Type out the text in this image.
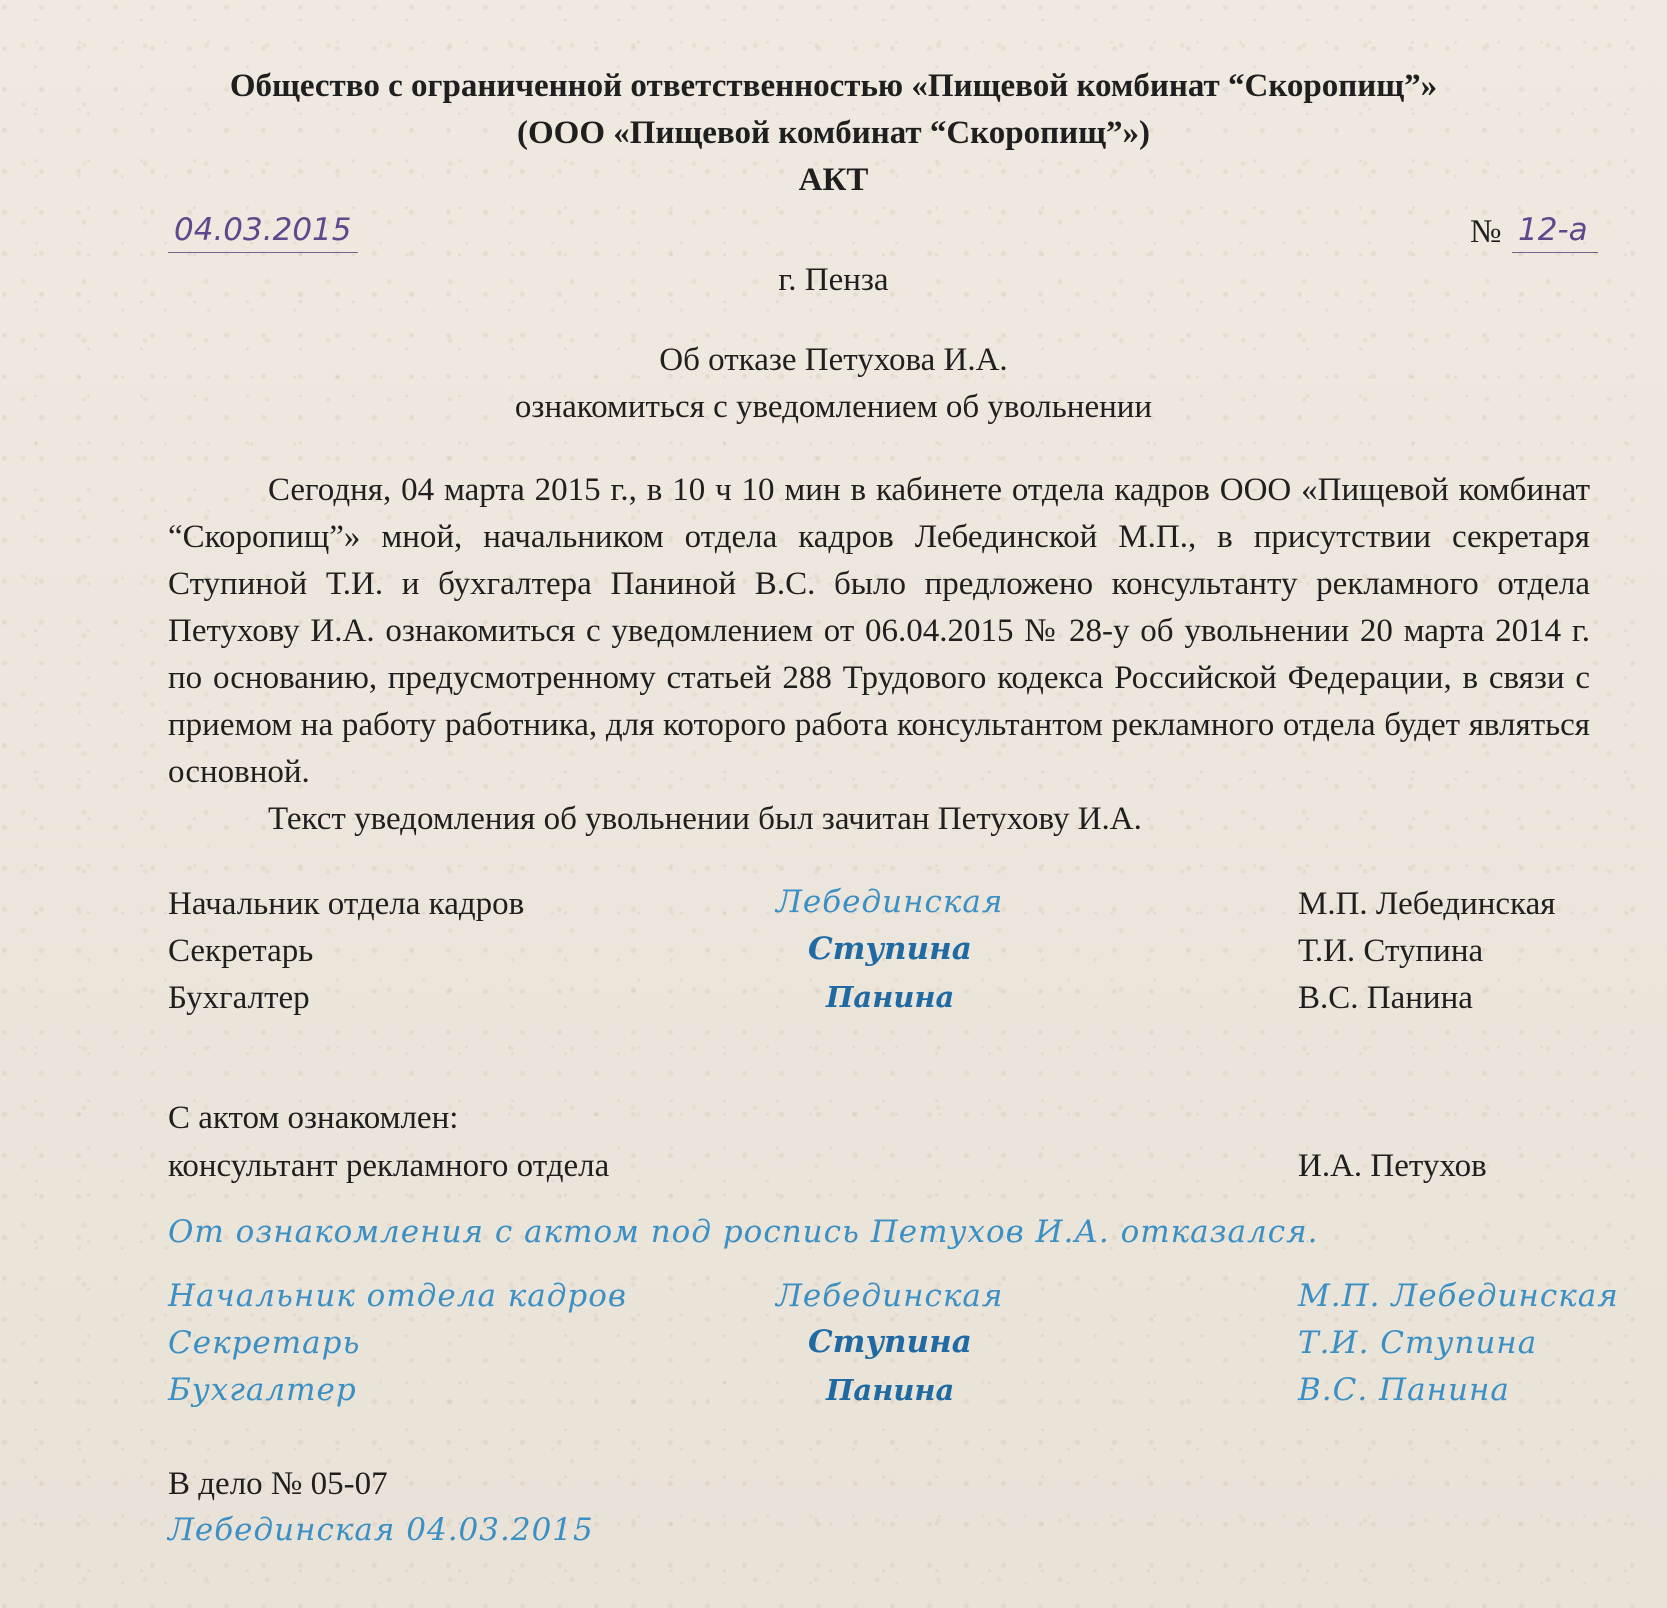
Общество с ограниченной ответственностью «Пищевой комбинат “Скоропищ”»

(ООО «Пищевой комбинат “Скоропищ”»)

АКТ

04.03.2015	№ 12-а

г. Пенза

Об отказе Петухова И.А.

ознакомиться с уведомлением об увольнении

Сегодня, 04 марта 2015 г., в 10 ч 10 мин в кабинете отдела кадров ООО «Пищевой комбинат “Скоропищ”» мной, начальником отдела кадров Лебединской М.П., в присутствии секретаря Ступиной Т.И. и бухгалтера Паниной В.С. было предложено консультанту рекламного отдела Петухову И.А. ознакомиться с уведомлением от 06.04.2015 № 28-у об увольнении 20 марта 2014 г. по основанию, предусмотренному статьей 288 Трудового кодекса Российской Федерации, в связи с приемом на работу работника, для которого работа консультантом рекламного отдела будет являться основной.

Текст уведомления об увольнении был зачитан Петухову И.А.

Начальник отдела кадров	Лебединская	М.П. Лебединская

Секретарь	Ступина	Т.И. Ступина

Бухгалтер	Панина	В.С. Панина

С актом ознакомлен:

консультант рекламного отдела	И.А. Петухов

От ознакомления с актом под роспись Петухов И.А. отказался.

Начальник отдела кадров	Лебединская	М.П. Лебединская

Секретарь	Ступина	Т.И. Ступина

Бухгалтер	Панина	В.С. Панина

В дело № 05-07

Лебединская 04.03.2015
